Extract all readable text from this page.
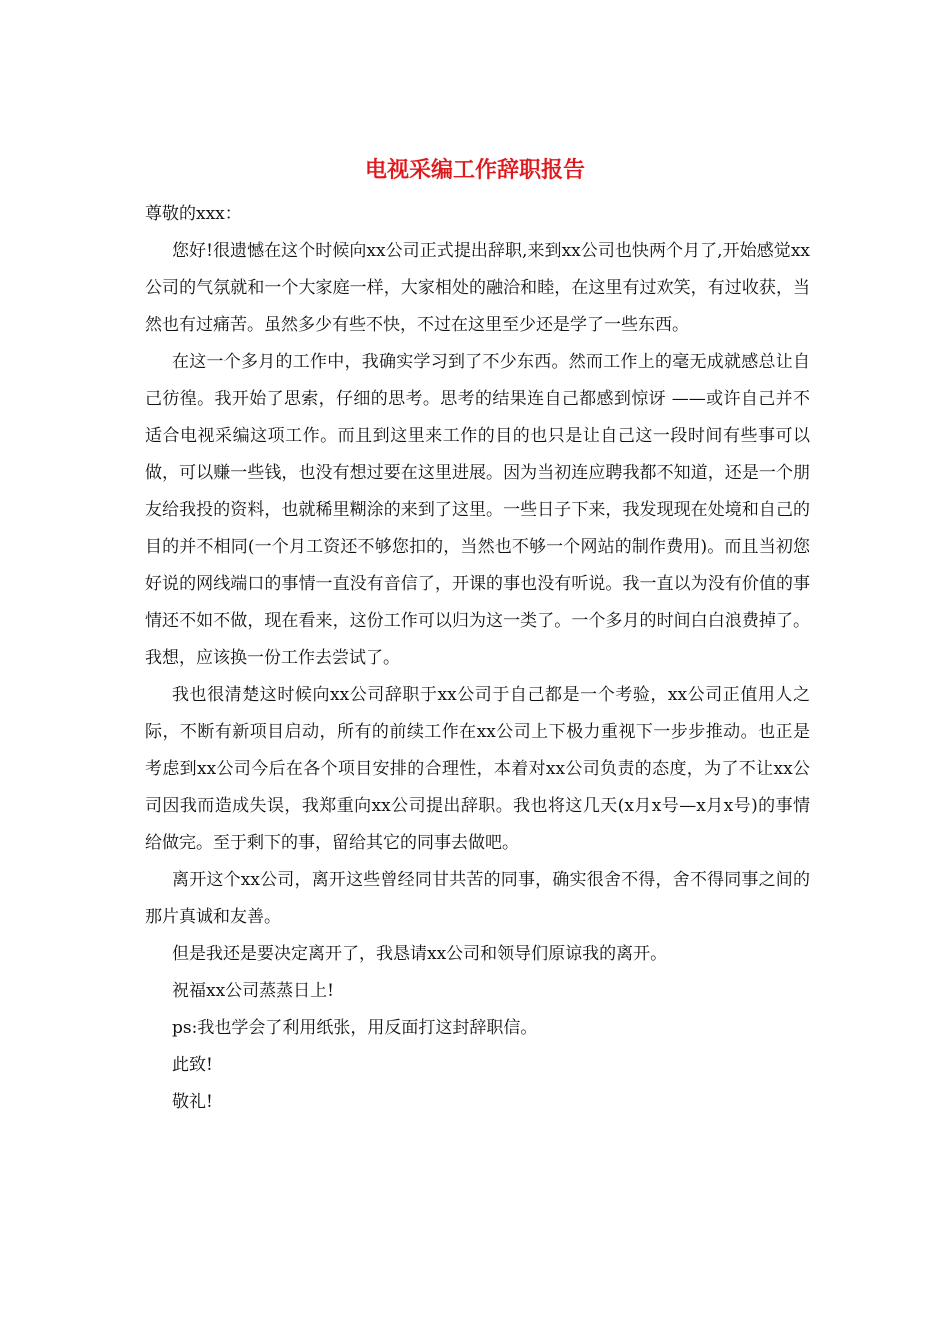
电视采编工作辞职报告

尊敬的xxx：

您好!很遗憾在这个时候向xx公司正式提出辞职,来到xx公司也快两个月了,开始感觉xx公司的气氛就和一个大家庭一样，大家相处的融洽和睦，在这里有过欢笑，有过收获，当然也有过痛苦。虽然多少有些不快，不过在这里至少还是学了一些东西。

在这一个多月的工作中，我确实学习到了不少东西。然而工作上的毫无成就感总让自己彷徨。我开始了思索，仔细的思考。思考的结果连自己都感到惊讶 ——或许自己并不适合电视采编这项工作。而且到这里来工作的目的也只是让自己这一段时间有些事可以做，可以赚一些钱，也没有想过要在这里进展。因为当初连应聘我都不知道，还是一个朋友给我投的资料，也就稀里糊涂的来到了这里。一些日子下来，我发现现在处境和自己的目的并不相同(一个月工资还不够您扣的，当然也不够一个网站的制作费用)。而且当初您好说的网线端口的事情一直没有音信了，开课的事也没有听说。我一直以为没有价值的事情还不如不做，现在看来，这份工作可以归为这一类了。一个多月的时间白白浪费掉了。我想，应该换一份工作去尝试了。

我也很清楚这时候向xx公司辞职于xx公司于自己都是一个考验，xx公司正值用人之际，不断有新项目启动，所有的前续工作在xx公司上下极力重视下一步步推动。也正是考虑到xx公司今后在各个项目安排的合理性，本着对xx公司负责的态度，为了不让xx公司因我而造成失误，我郑重向xx公司提出辞职。我也将这几天(x月x号—x月x号)的事情给做完。至于剩下的事，留给其它的同事去做吧。

离开这个xx公司，离开这些曾经同甘共苦的同事，确实很舍不得，舍不得同事之间的那片真诚和友善。

但是我还是要决定离开了，我恳请xx公司和领导们原谅我的离开。

祝福xx公司蒸蒸日上!

ps:我也学会了利用纸张，用反面打这封辞职信。

此致!

敬礼!
